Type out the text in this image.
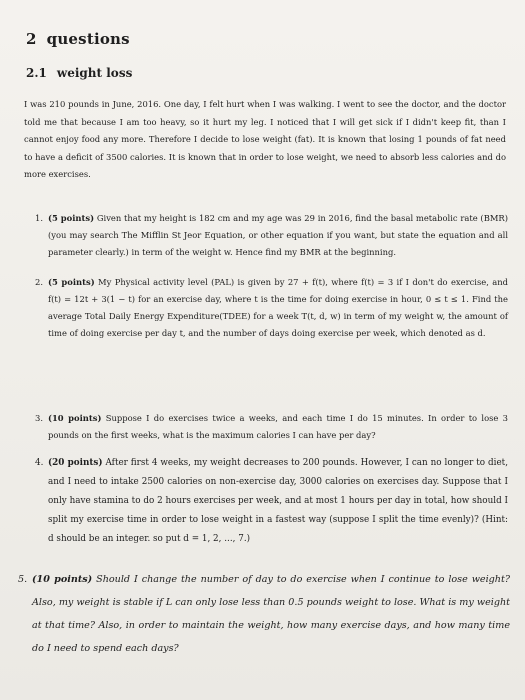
2 questions
2.1 weight loss

I was 210 pounds in June, 2016. One day, I felt hurt when I was walking. I went to see the doctor, and the doctor told me that because I am too heavy, so it hurt my leg. I noticed that I will get sick if I didn't keep fit, than I cannot enjoy food any more. Therefore I decide to lose weight (fat). It is known that losing 1 pounds of fat need to have a deficit of 3500 calories. It is known that in order to lose weight, we need to absorb less calories and do more exercises.

1. (5 points) Given that my height is 182 cm and my age was 29 in 2016, find the basal metabolic rate (BMR) (you may search The Mifflin St Jeor Equation, or other equation if you want, but state the equation and all parameter clearly.) in term of the weight w. Hence find my BMR at the beginning.
2. (5 points) My Physical activity level (PAL) is given by 27 + f(t), where f(t) = 3 if I don't do exercise, and f(t) = 12t + 3(1 − t) for an exercise day, where t is the time for doing exercise in hour, 0 ≤ t ≤ 1. Find the average Total Daily Energy Expenditure(TDEE) for a week T(t, d, w) in term of my weight w, the amount of time of doing exercise per day t, and the number of days doing exercise per week, which denoted as d.
3. (10 points) Suppose I do exercises twice a weeks, and each time I do 15 minutes. In order to lose 3 pounds on the first weeks, what is the maximum calories I can have per day?
4. (20 points) After first 4 weeks, my weight decreases to 200 pounds. However, I can no longer to diet, and I need to intake 2500 calories on non-exercise day, 3000 calories on exercises day. Suppose that I only have stamina to do 2 hours exercises per week, and at most 1 hours per day in total, how should I split my exercise time in order to lose weight in a fastest way (suppose I split the time evenly)? (Hint: d should be an integer. so put d = 1, 2, ..., 7.)
5. (10 points) Should I change the number of day to do exercise when I continue to lose weight? Also, my weight is stable if L can only lose less than 0.5 pounds weight to lose. What is my weight at that time? Also, in order to maintain the weight, how many exercise days, and how many time do I need to spend each days?
